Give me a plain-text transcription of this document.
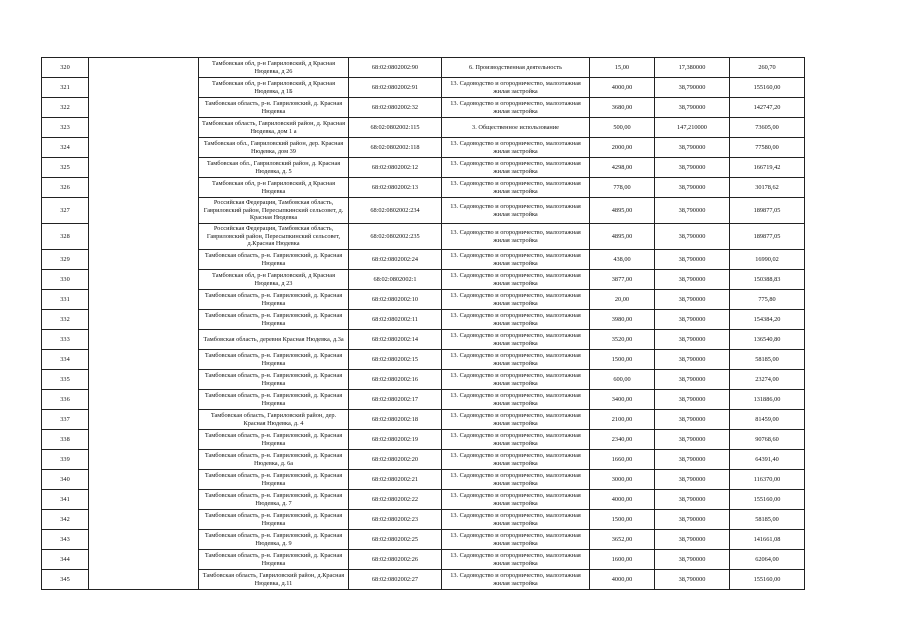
320		Тамбовская обл, р-н Гавриловский, д Красная Нюдевка, д 26	68:02:0802002:90	6. Производственная деятельность	15,00	17,380000	260,70
321		Тамбовская обл, р-н Гавриловский, д Красная Нюдевка, д 1Б	68:02:0802002:91	13. Садоводство и огородничество, малоэтажная жилая застройка	4000,00	38,790000	155160,00
322		Тамбовская область, р-н. Гавриловский, д. Красная Нюдевка	68:02:0802002:32	13. Садоводство и огородничество, малоэтажная жилая застройка	3680,00	38,790000	142747,20
323		Тамбовская область, Гавриловский район, д. Красная Нюдевка, дом 1 а	68:02:0802002:115	3. Общественное использование	500,00	147,210000	73605,00
324		Тамбовская обл., Гавриловский район, дер. Красная Нюдевка, дом 39	68:02:0802002:118	13. Садоводство и огородничество, малоэтажная жилая застройка	2000,00	38,790000	77580,00
325		Тамбовская обл., Гавриловский район, д. Красная Нюдевка, д. 5	68:02:0802002:12	13. Садоводство и огородничество, малоэтажная жилая застройка	4298,00	38,790000	166719,42
326		Тамбовская обл, р-н Гавриловский, д Красная Нюдевка	68:02:0802002:13	13. Садоводство и огородничество, малоэтажная жилая застройка	778,00	38,790000	30178,62
327		Российская Федерация, Тамбовская область, Гавриловский район, Пересыпкинский сельсовет, д. Красная Нюдевка	68:02:0802002:234	13. Садоводство и огородничество, малоэтажная жилая застройка	4895,00	38,790000	189877,05
328		Российская Федерация, Тамбовская область, Гавриловский район, Пересыпкинский сельсовет, д.Красная Нюдевка	68:02:0802002:235	13. Садоводство и огородничество, малоэтажная жилая застройка	4895,00	38,790000	189877,05
329		Тамбовская область, р-н. Гавриловский, д. Красная Нюдевка	68:02:0802002:24	13. Садоводство и огородничество, малоэтажная жилая застройка	438,00	38,790000	16990,02
330		Тамбовская обл, р-н Гавриловский, д Красная Нюдевка, д 23	68:02:0802002:1	13. Садоводство и огородничество, малоэтажная жилая застройка	3877,00	38,790000	150388,83
331		Тамбовская область, р-н. Гавриловский, д. Красная Нюдевка	68:02:0802002:10	13. Садоводство и огородничество, малоэтажная жилая застройка	20,00	38,790000	775,80
332		Тамбовская область, р-н. Гавриловский, д. Красная Нюдевка	68:02:0802002:11	13. Садоводство и огородничество, малоэтажная жилая застройка	3980,00	38,790000	154384,20
333		Тамбовская область, деревня Красная Нюдевка, д.3а	68:02:0802002:14	13. Садоводство и огородничество, малоэтажная жилая застройка	3520,00	38,790000	136540,80
334		Тамбовская область, р-н. Гавриловский, д. Красная Нюдевка	68:02:0802002:15	13. Садоводство и огородничество, малоэтажная жилая застройка	1500,00	38,790000	58185,00
335		Тамбовская область, р-н. Гавриловский, д. Красная Нюдевка	68:02:0802002:16	13. Садоводство и огородничество, малоэтажная жилая застройка	600,00	38,790000	23274,00
336		Тамбовская область, р-н. Гавриловский, д. Красная Нюдевка	68:02:0802002:17	13. Садоводство и огородничество, малоэтажная жилая застройка	3400,00	38,790000	131886,00
337		Тамбовская область, Гавриловский район, дер. Красная Нюдевка, д. 4	68:02:0802002:18	13. Садоводство и огородничество, малоэтажная жилая застройка	2100,00	38,790000	81459,00
338		Тамбовская область, р-н. Гавриловский, д. Красная Нюдевка	68:02:0802002:19	13. Садоводство и огородничество, малоэтажная жилая застройка	2340,00	38,790000	90768,60
339		Тамбовская область, р-н. Гавриловский, д. Красная Нюдевка, д. 6а	68:02:0802002:20	13. Садоводство и огородничество, малоэтажная жилая застройка	1660,00	38,790000	64391,40
340		Тамбовская область, р-н. Гавриловский, д. Красная Нюдевка	68:02:0802002:21	13. Садоводство и огородничество, малоэтажная жилая застройка	3000,00	38,790000	116370,00
341		Тамбовская область, р-н. Гавриловский, д. Красная Нюдевка, д. 7	68:02:0802002:22	13. Садоводство и огородничество, малоэтажная жилая застройка	4000,00	38,790000	155160,00
342		Тамбовская область, р-н. Гавриловский, д. Красная Нюдевка	68:02:0802002:23	13. Садоводство и огородничество, малоэтажная жилая застройка	1500,00	38,790000	58185,00
343		Тамбовская область, р-н. Гавриловский, д. Красная Нюдевка, д. 9	68:02:0802002:25	13. Садоводство и огородничество, малоэтажная жилая застройка	3652,00	38,790000	141661,08
344		Тамбовская область, р-н. Гавриловский, д. Красная Нюдевка	68:02:0802002:26	13. Садоводство и огородничество, малоэтажная жилая застройка	1600,00	38,790000	62064,00
345		Тамбовская область, Гавриловский район, д.Красная Нюдевка, д.11	68:02:0802002:27	13. Садоводство и огородничество, малоэтажная жилая застройка	4000,00	38,790000	155160,00
